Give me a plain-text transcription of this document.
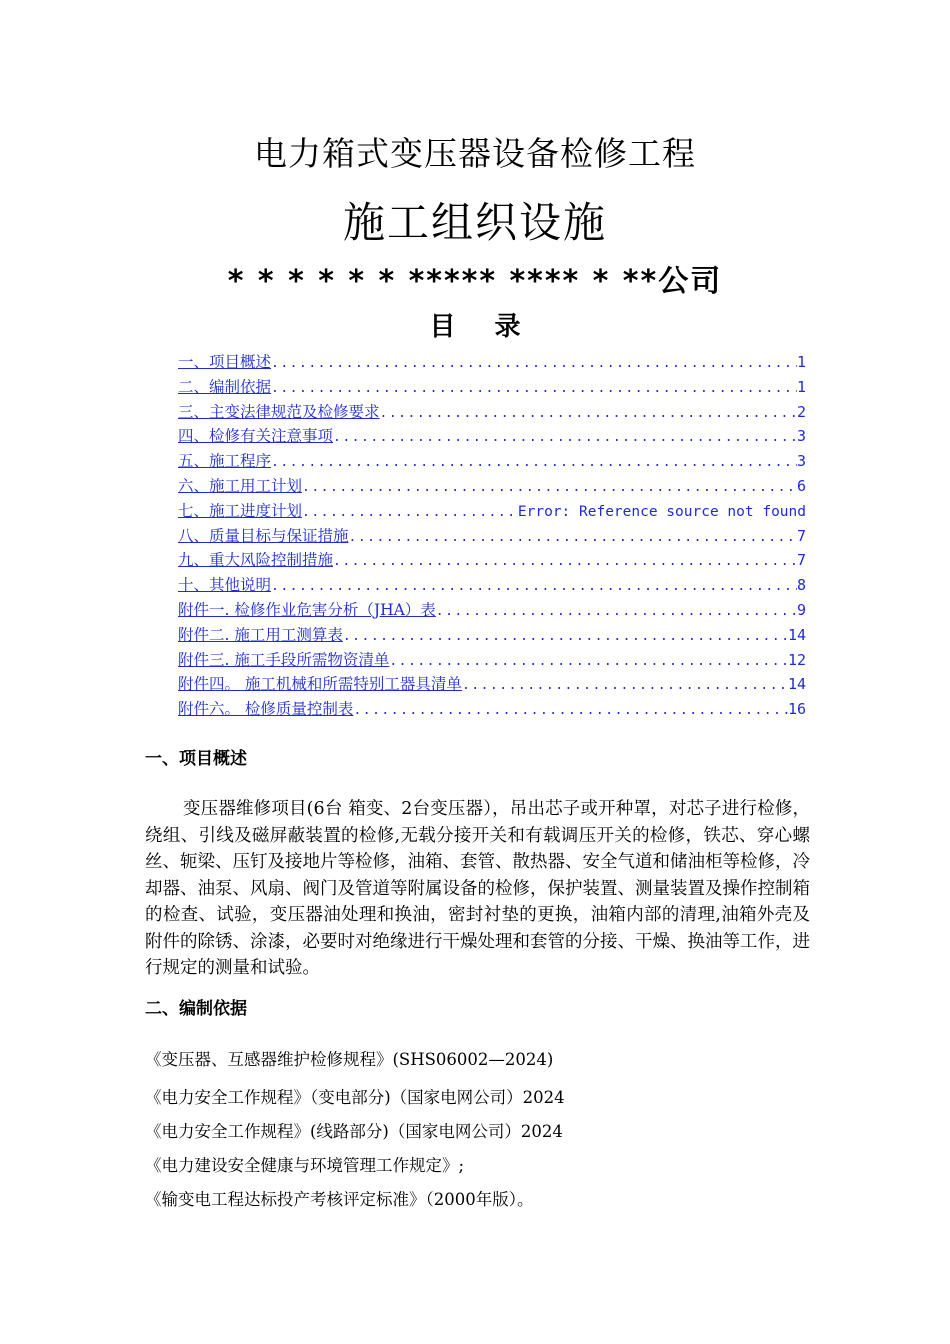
电力箱式变压器设备检修工程
施工组织设施
* * * * * * ***** **** * **公司
目 录
一、项目概述 .....	1
二、编制依据 .....	1
三、主变法律规范及检修要求 .....	2
四、检修有关注意事项 .....	3
五、施工程序 .....	3
六、施工用工计划 .....	6
七、施工进度计划 .....	Error: Reference source not found
八、质量目标与保证措施 .....	7
九、重大风险控制措施 .....	7
十、其他说明 .....	8
附件一. 检修作业危害分析（JHA）表 .....	9
附件二. 施工用工测算表 .....	14
附件三. 施工手段所需物资清单 .....	12
附件四。 施工机械和所需特别工器具清单 .....	14
附件六。 检修质量控制表 .....	16
一、项目概述
变压器维修项目(6台 箱变、2台变压器），吊出芯子或开种罩，对芯子进行检修，绕组、引线及磁屏蔽装置的检修,无载分接开关和有载调压开关的检修，铁芯、穿心螺丝、轭梁、压钉及接地片等检修，油箱、套管、散热器、安全气道和储油柜等检修，冷却器、油泵、风扇、阀门及管道等附属设备的检修，保护装置、测量装置及操作控制箱的检查、试验，变压器油处理和换油，密封衬垫的更换，油箱内部的清理,油箱外壳及附件的除锈、涂漆，必要时对绝缘进行干燥处理和套管的分接、干燥、换油等工作，进行规定的测量和试验。
二、编制依据
《变压器、互感器维护检修规程》(SHS06002—2024)
《电力安全工作规程》（变电部分)（国家电网公司）2024
《电力安全工作规程》(线路部分)（国家电网公司）2024
《电力建设安全健康与环境管理工作规定》;
《输变电工程达标投产考核评定标准》（2000年版）。
